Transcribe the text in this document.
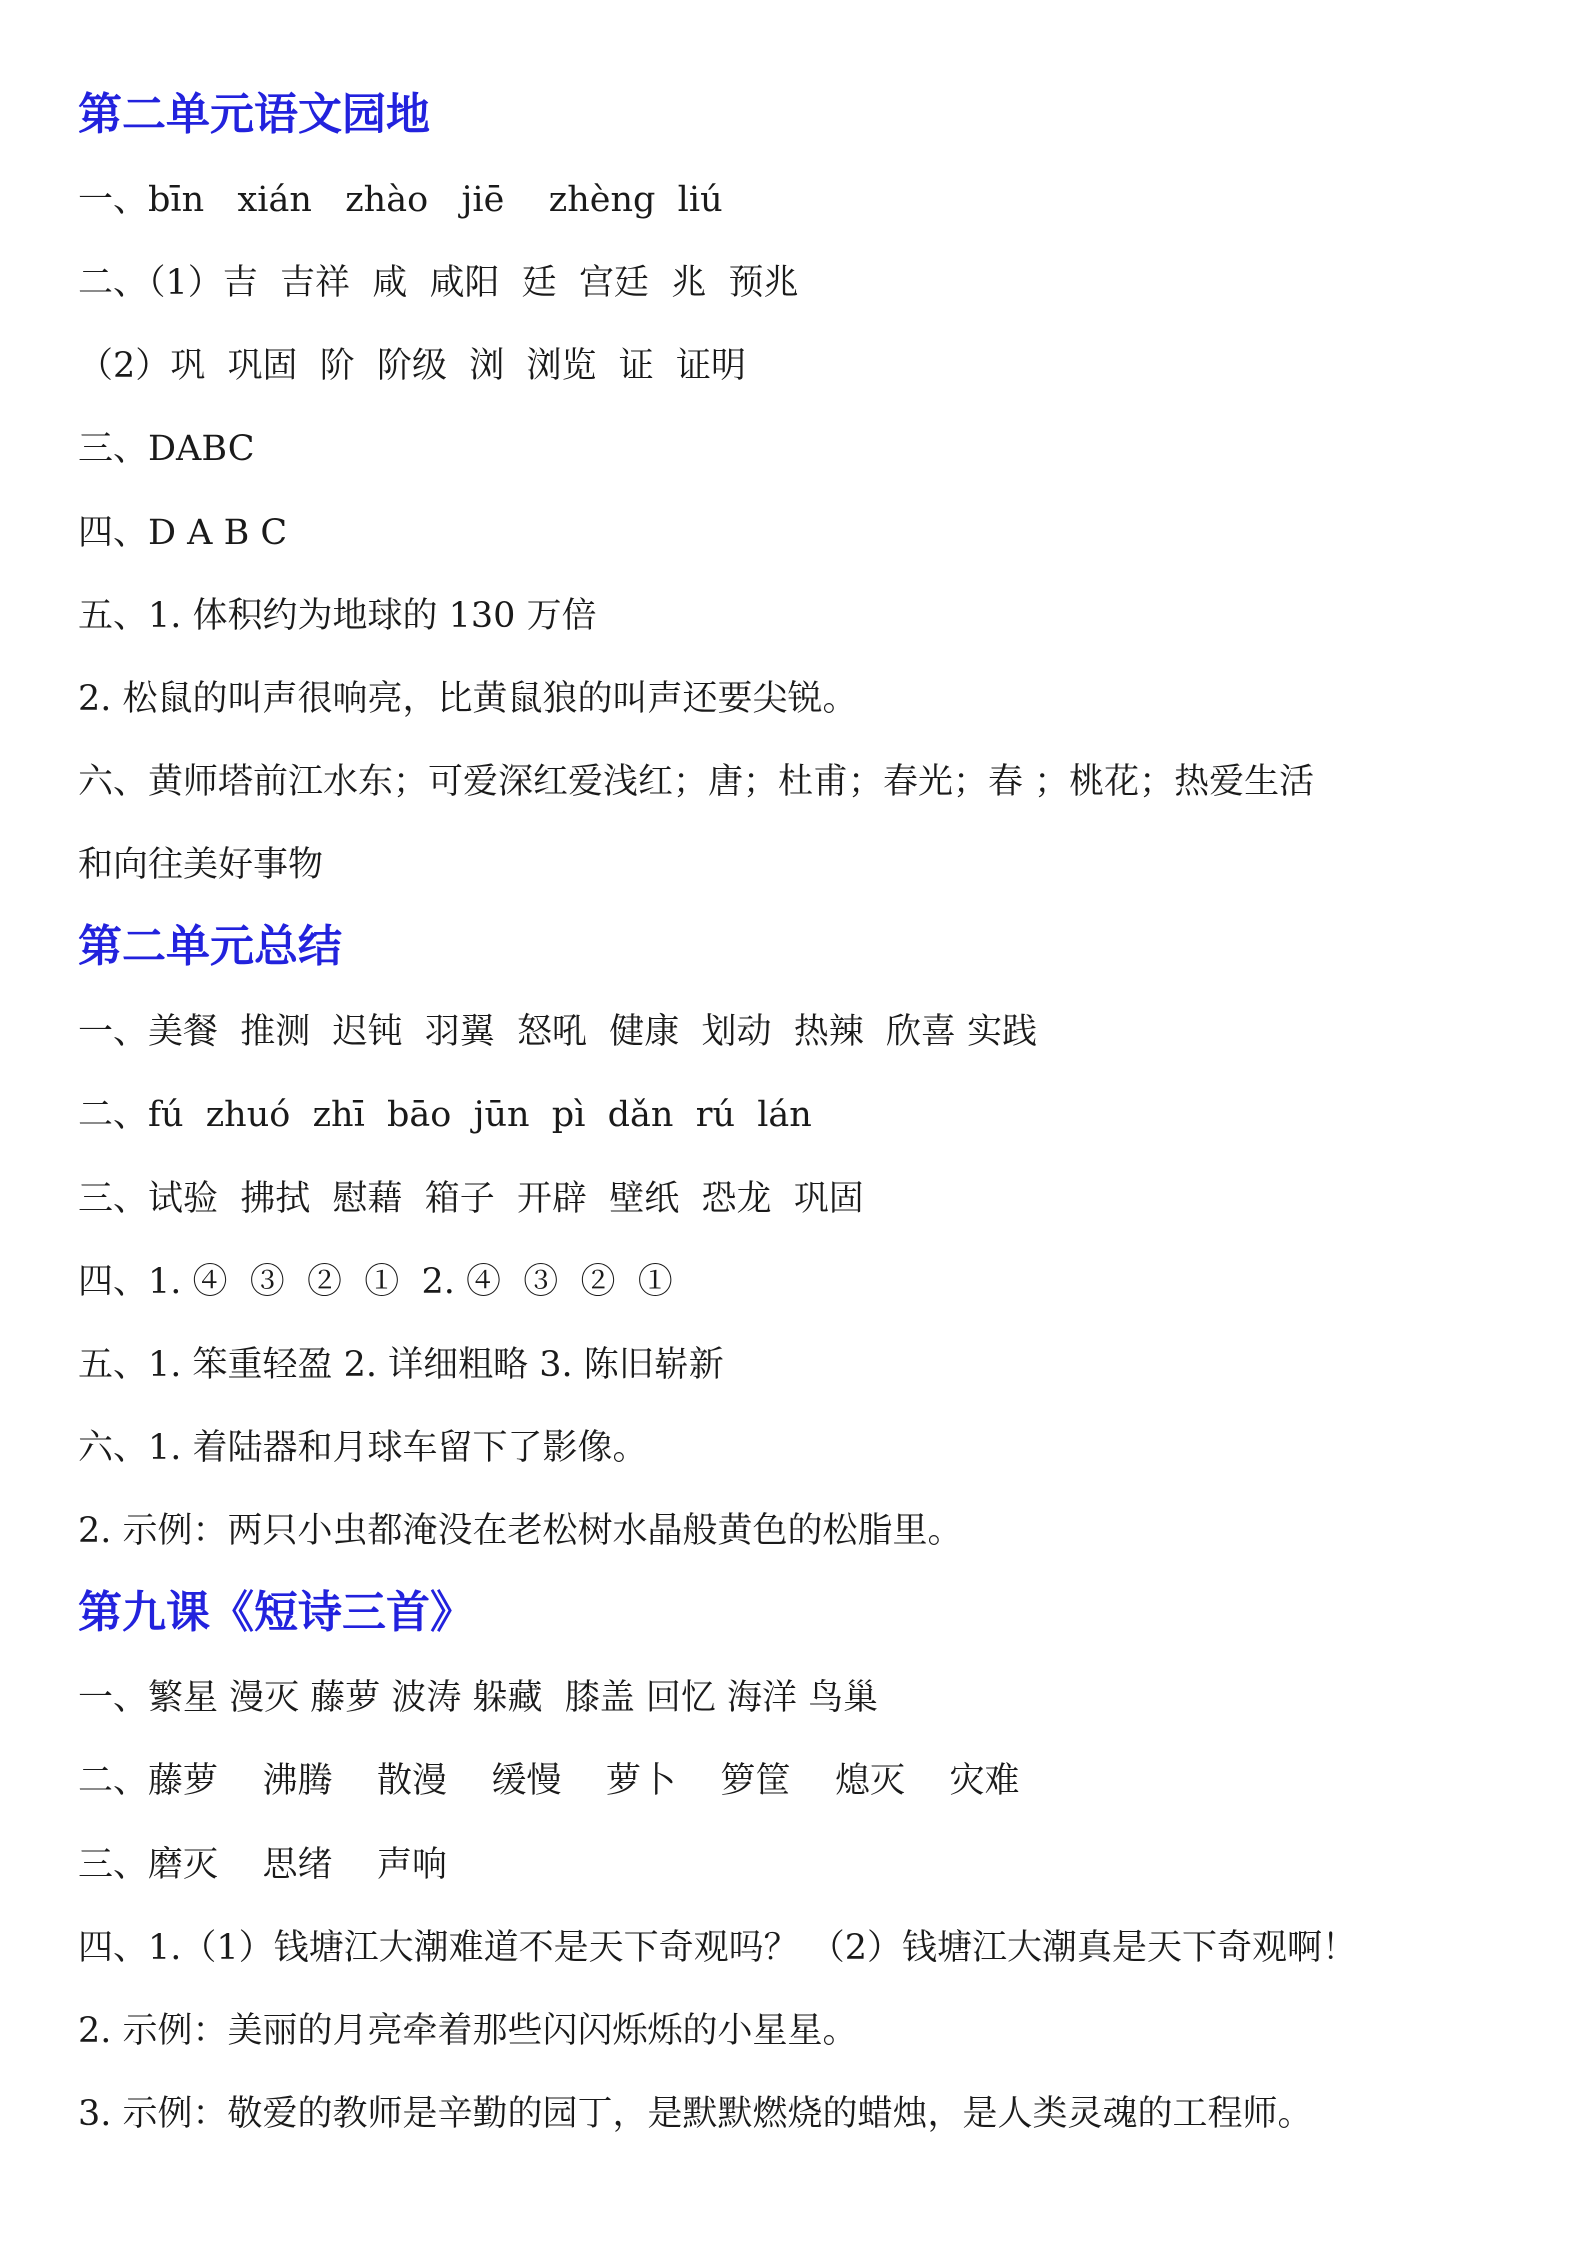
第二单元语文园地
一、bīn   xián   zhào   jiē    zhèng  liú
二、（1）吉  吉祥  咸  咸阳  廷  宫廷  兆  预兆
（2）巩  巩固  阶  阶级  浏  浏览  证  证明
三、DABC
四、D A B C
五、1. 体积约为地球的 130 万倍
2. 松鼠的叫声很响亮，比黄鼠狼的叫声还要尖锐。
六、黄师塔前江水东；可爱深红爱浅红；唐；杜甫；春光；春 ；桃花；热爱生活
和向往美好事物
第二单元总结
一、美餐  推测  迟钝  羽翼  怒吼  健康  划动  热辣  欣喜 实践
二、fú  zhuó  zhī  bāo  jūn  pì  dǎn  rú  lán
三、试验  拂拭  慰藉  箱子  开辟  壁纸  恐龙  巩固
四、1. ④  ③  ②  ①  2. ④  ③  ②  ①
五、1. 笨重轻盈 2. 详细粗略 3. 陈旧崭新
六、1. 着陆器和月球车留下了影像。
2. 示例：两只小虫都淹没在老松树水晶般黄色的松脂里。
第九课《短诗三首》
一、繁星 漫灭 藤萝 波涛 躲藏  膝盖 回忆 海洋 鸟巢
二、藤萝    沸腾    散漫    缓慢    萝卜    箩筐    熄灭    灾难
三、磨灭    思绪    声响
四、1.（1）钱塘江大潮难道不是天下奇观吗？ （2）钱塘江大潮真是天下奇观啊！
2. 示例：美丽的月亮牵着那些闪闪烁烁的小星星。
3. 示例：敬爱的教师是辛勤的园丁，是默默燃烧的蜡烛，是人类灵魂的工程师。
